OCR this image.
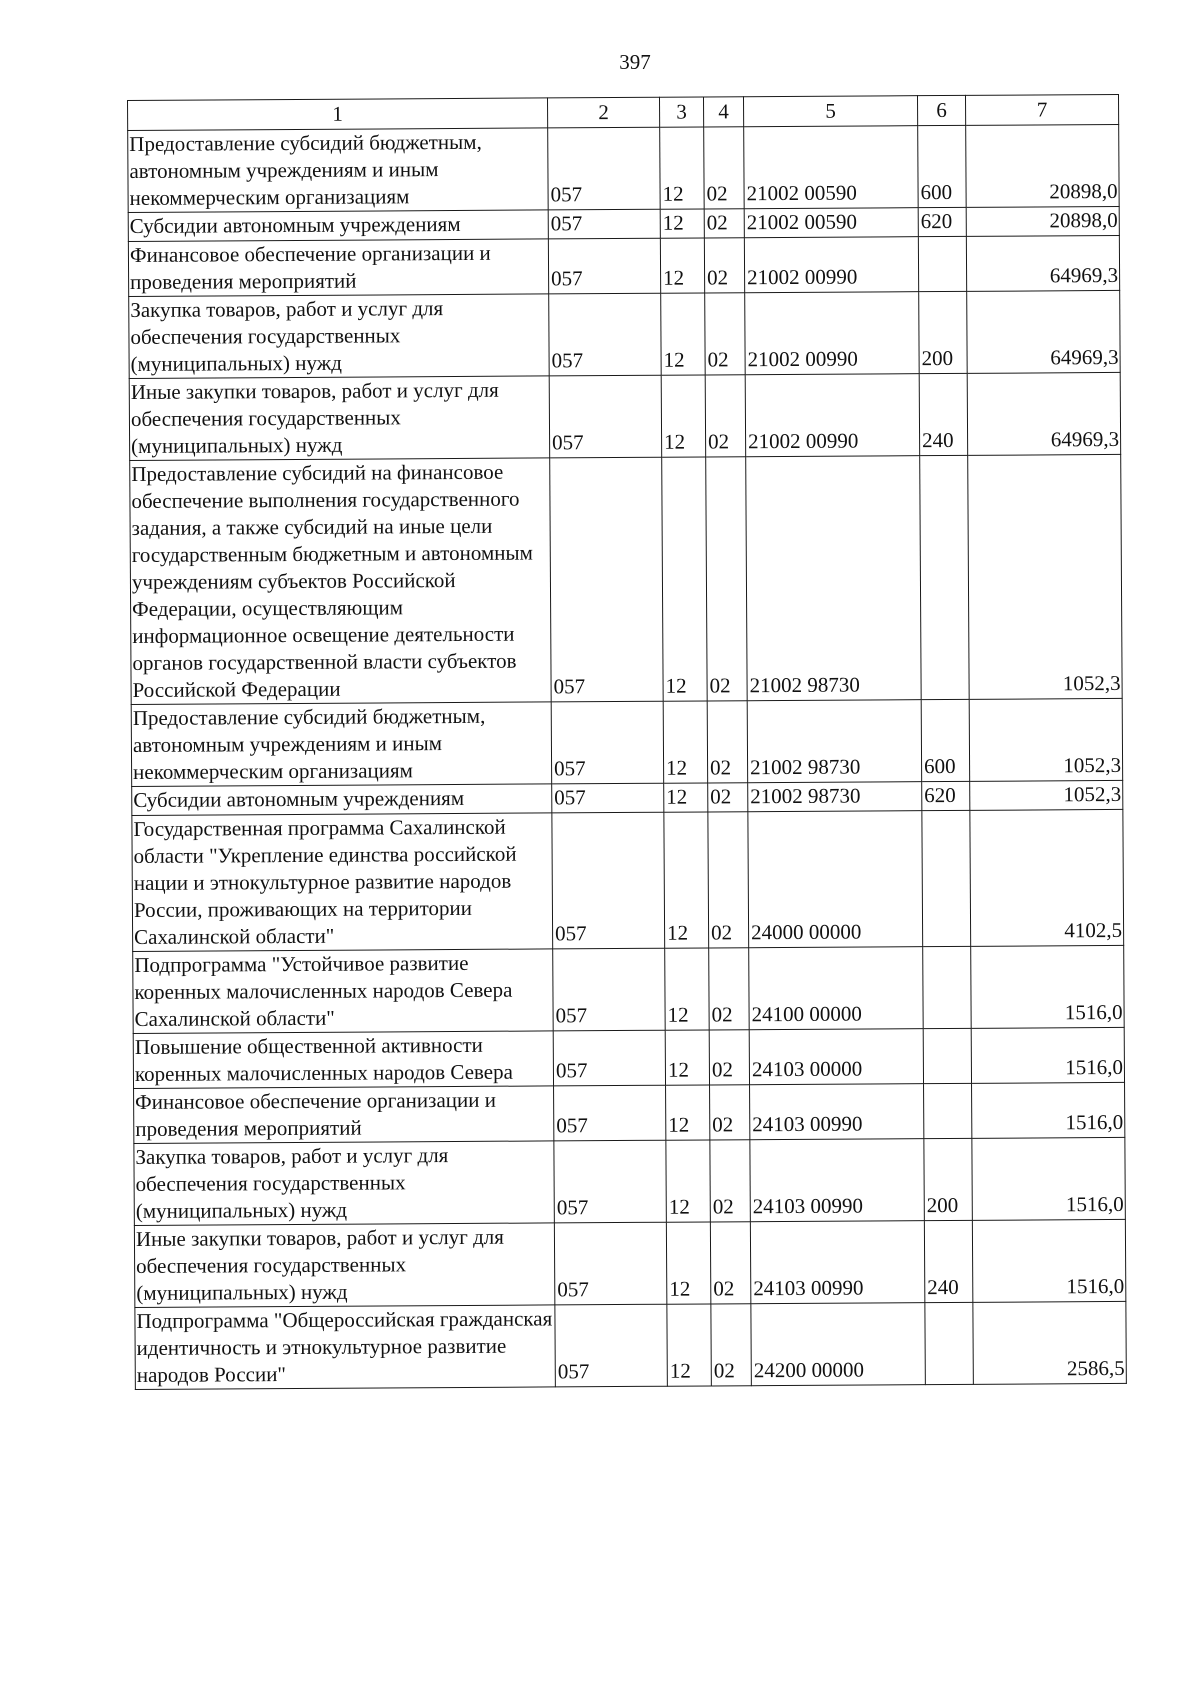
397
1	2	3	4	5	6	7
Предоставление субсидий бюджетным, автономным учреждениям и иным некоммерческим организациям	057	12	02	21002 00590	600	20898,0
Субсидии автономным учреждениям	057	12	02	21002 00590	620	20898,0
Финансовое обеспечение организации и проведения мероприятий	057	12	02	21002 00990		64969,3
Закупка товаров, работ и услуг для обеспечения государственных (муниципальных) нужд	057	12	02	21002 00990	200	64969,3
Иные закупки товаров, работ и услуг для обеспечения государственных (муниципальных) нужд	057	12	02	21002 00990	240	64969,3
Предоставление субсидий на финансовое обеспечение выполнения государственного задания, а также субсидий на иные цели государственным бюджетным и автономным учреждениям субъектов Российской Федерации, осуществляющим информационное освещение деятельности органов государственной власти субъектов Российской Федерации	057	12	02	21002 98730		1052,3
Предоставление субсидий бюджетным, автономным учреждениям и иным некоммерческим организациям	057	12	02	21002 98730	600	1052,3
Субсидии автономным учреждениям	057	12	02	21002 98730	620	1052,3
Государственная программа Сахалинской области "Укрепление единства российской нации и этнокультурное развитие народов России, проживающих на территории Сахалинской области"	057	12	02	24000 00000		4102,5
Подпрограмма "Устойчивое развитие коренных малочисленных народов Севера Сахалинской области"	057	12	02	24100 00000		1516,0
Повышение общественной активности коренных малочисленных народов Севера	057	12	02	24103 00000		1516,0
Финансовое обеспечение организации и проведения мероприятий	057	12	02	24103 00990		1516,0
Закупка товаров, работ и услуг для обеспечения государственных (муниципальных) нужд	057	12	02	24103 00990	200	1516,0
Иные закупки товаров, работ и услуг для обеспечения государственных (муниципальных) нужд	057	12	02	24103 00990	240	1516,0
Подпрограмма "Общероссийская гражданская идентичность и этнокультурное развитие народов России"	057	12	02	24200 00000		2586,5
